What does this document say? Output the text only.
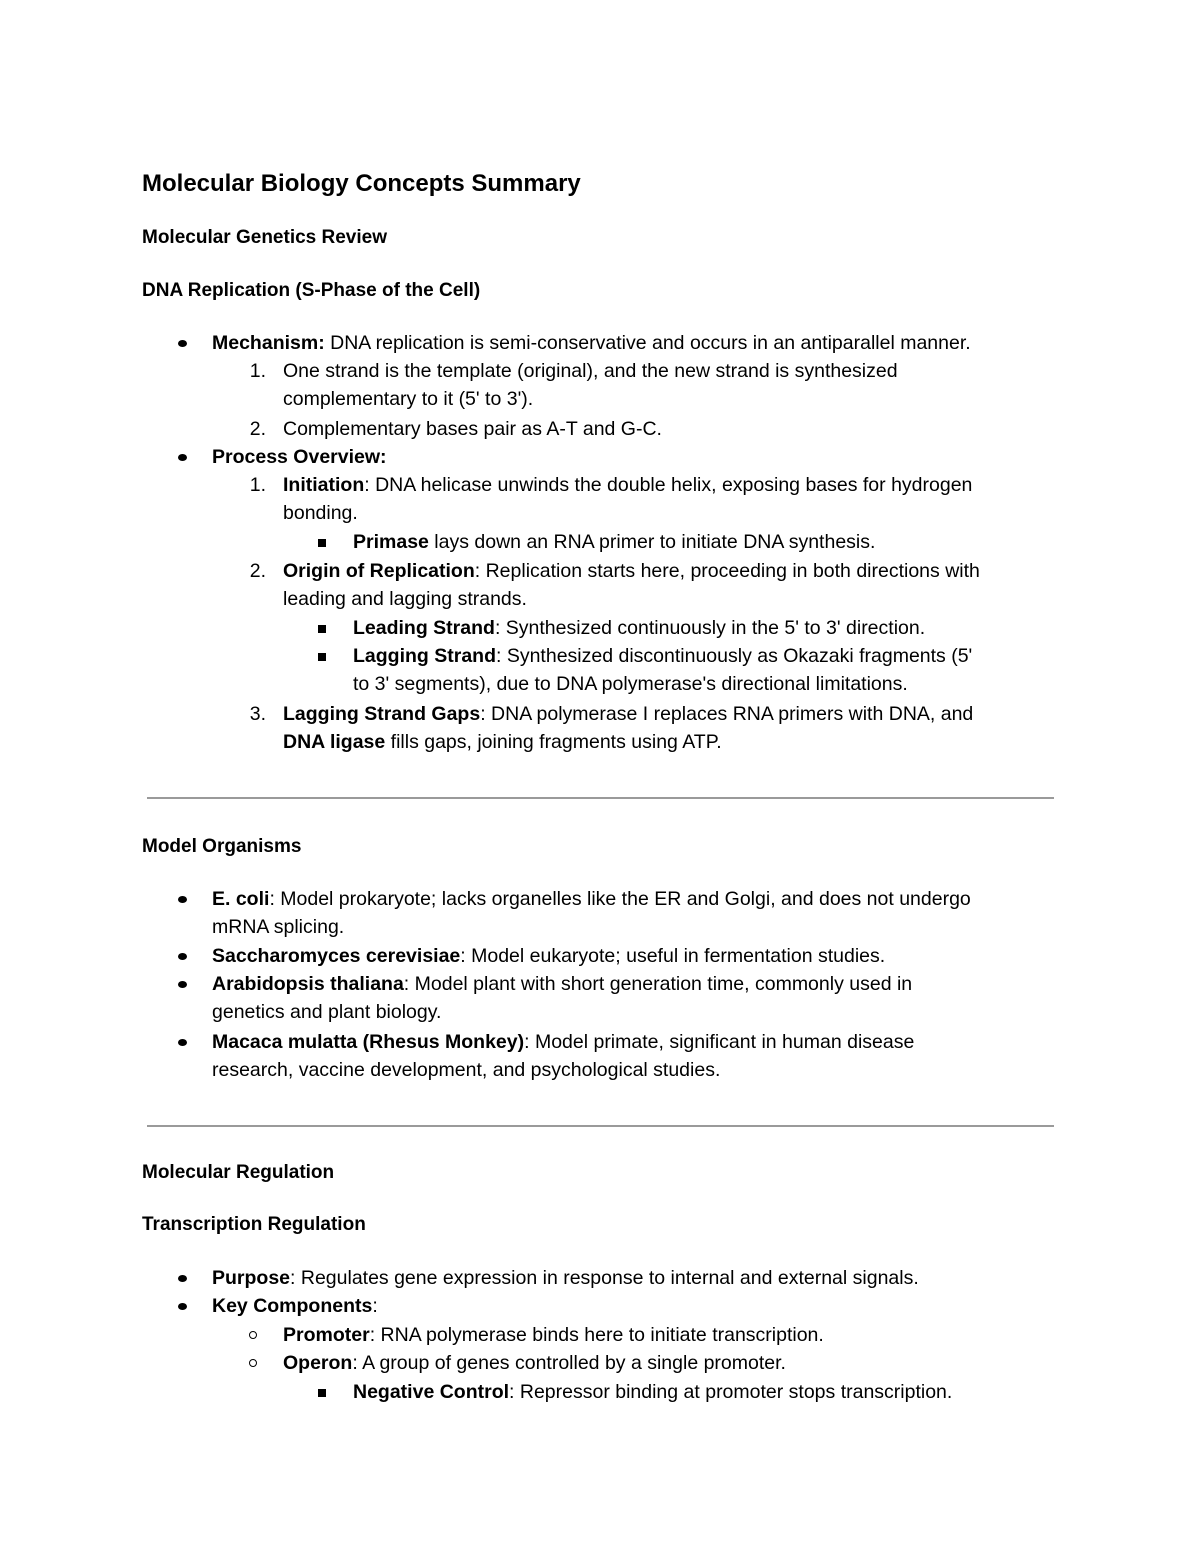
Molecular Biology Concepts Summary
Molecular Genetics Review
DNA Replication (S-Phase of the Cell)
Mechanism: DNA replication is semi-conservative and occurs in an antiparallel manner.
1. One strand is the template (original), and the new strand is synthesized
complementary to it (5' to 3').
2. Complementary bases pair as A-T and G-C.
Process Overview:
1. Initiation: DNA helicase unwinds the double helix, exposing bases for hydrogen
bonding.
Primase lays down an RNA primer to initiate DNA synthesis.
2. Origin of Replication: Replication starts here, proceeding in both directions with
leading and lagging strands.
Leading Strand: Synthesized continuously in the 5' to 3' direction.
Lagging Strand: Synthesized discontinuously as Okazaki fragments (5'
to 3' segments), due to DNA polymerase's directional limitations.
3. Lagging Strand Gaps: DNA polymerase I replaces RNA primers with DNA, and
DNA ligase fills gaps, joining fragments using ATP.
Model Organisms
E. coli: Model prokaryote; lacks organelles like the ER and Golgi, and does not undergo
mRNA splicing.
Saccharomyces cerevisiae: Model eukaryote; useful in fermentation studies.
Arabidopsis thaliana: Model plant with short generation time, commonly used in
genetics and plant biology.
Macaca mulatta (Rhesus Monkey): Model primate, significant in human disease
research, vaccine development, and psychological studies.
Molecular Regulation
Transcription Regulation
Purpose: Regulates gene expression in response to internal and external signals.
Key Components:
Promoter: RNA polymerase binds here to initiate transcription.
Operon: A group of genes controlled by a single promoter.
Negative Control: Repressor binding at promoter stops transcription.
